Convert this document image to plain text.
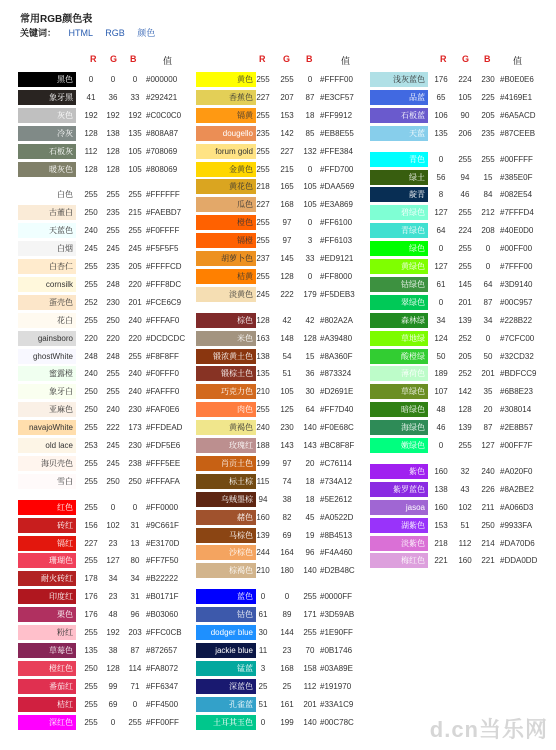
常用RGB颜色表
关键词： HTML RGB 颜色
R G B	值
黑色	0	0	0	#000000
象牙黑	41	36	33 #292421
灰色	192	192	192 #C0C0C0
冷灰	128	138	135 #808A87
石板灰	112	128	105 #708069
暖灰色	128	128	105 #808069
白色	255	255	255 #FFFFFF
古董白	250	235	215 #FAEBD7
天蓝色	240	255	255 #F0FFFF
白烟	245	245	245 #F5F5F5
白杏仁	255	235	205 #FFFFCD
cornsilk	255	248	220 #FFF8DC
蛋壳色	252	230	201 #FCE6C9
花白	255	250	240 #FFFAF0
gainsboro	220	220	220 #DCDCDC
ghostWhite	248	248	255 #F8F8FF
蜜露橙	240	255	240 #F0FFF0
象牙白	250	255	240 #FAFFF0
亚麻色	250	240	230 #FAF0E6
navajoWhite	255	222	173 #FFDEAD
old lace	253	245	230 #FDF5E6
海贝壳色	255	245	238 #FFF5EE
雪白	255	250	250 #FFFAFA
红色	255	0	0	#FF0000
砖红	156	102	31 #9C661F
镉红	227	23	13 #E3170D
珊瑚色	255	127	80 #FF7F50
耐火砖红	178	34	34 #B22222
印度红	176	23	31 #B0171F
栗色	176	48	96 #B03060
粉红	255	192	203 #FFC0CB
草莓色	135	38	87 #872657
橙红色	250	128	114 #FA8072
番茄红	255	99	71 #FF6347
桔红	255	69	0	#FF4500
深红色	255	0	255 #FF00FF
R G B	值
黄色 255	255	0 #FFFF00
香蕉色 227	207	87 #E3CF57
镉黄 255	153	18 #FF9912
dougello 235	142	85 #EB8E55
forum gold 255	227	132 #FFE384
金黄色 255	215	0 #FFD700
黄花色 218	165	105 #DAA569
瓜色 227	168	105 #E3A869
橙色 255	97	0 #FF6100
镉橙 255	97	3 #FF6103
胡萝卜色 237	145	33 #ED9121
桔黄 255	128	0 #FF8000
淡黄色 245	222	179 #F5DEB3
棕色 128	42	42 #802A2A
米色 163	148	128 #A39480
锻浓黄土色 138	54	15 #8A360F
锻棕土色 135	51	36 #873324
巧克力色 210	105	30 #D2691E
肉色 255	125	64 #FF7D40
黄褐色 240	230	140 #F0E68C
玫瑰红 188	143	143 #BC8F8F
肖贡土色 199	97	20 #C76114
标土棕 115	74	18 #734A12
乌贼墨棕 94	38	18 #5E2612
赭色 160	82	45 #A0522D
马棕色 139	69	19 #8B4513
沙棕色 244	164	96 #F4A460
棕褐色 210	180	140 #D2B48C
蓝色 0	0	255 #0000FF
钴色 61	89	171 #3D59AB
dodger blue 30	144	255 #1E90FF
jackie blue 11	23	70 #0B1746
锰蓝 3	168	158 #03A89E
深蓝色 25	25	112 #191970
孔雀蓝 51	161	201 #33A1C9
土耳其玉色 0	199	140 #00C78C
R G B	值
浅灰蓝色	176	224	230 #B0E0E6
品蓝	65	105	225 #4169E1
石板蓝	106	90	205 #6A5ACD
天蓝	135	206	235 #87CEEB
青色	0	255	255 #00FFFF
绿土	56	94	15 #385E0F
靛青	8	46	84 #082E54
碧绿色	127	255	212 #7FFFD4
青绿色	64	224	208 #40E0D0
绿色	0	255	0	#00FF00
黄绿色	127	255	0	#7FFF00
钴绿色	61	145	64 #3D9140
翠绿色	0	201	87 #00C957
森林绿	34	139	34 #228B22
草地绿	124	252	0	#7CFC00
酸橙绿	50	205	50 #32CD32
薄荷色	189	252	201 #BDFCC9
草绿色	107	142	35 #6B8E23
暗绿色	48	128	20 #308014
海绿色	46	139	87 #2E8B57
嫩绿色	0	255	127 #00FF7F
紫色	160	32	240 #A020F0
紫罗蓝色	138	43	226 #8A2BE2
jasoa	160	102	211 #A066D3
湖紫色	153	51	250 #9933FA
淡紫色	218	112	214 #DA70D6
梅红色	221	160	221 #DDA0DD
d.cn当乐网
